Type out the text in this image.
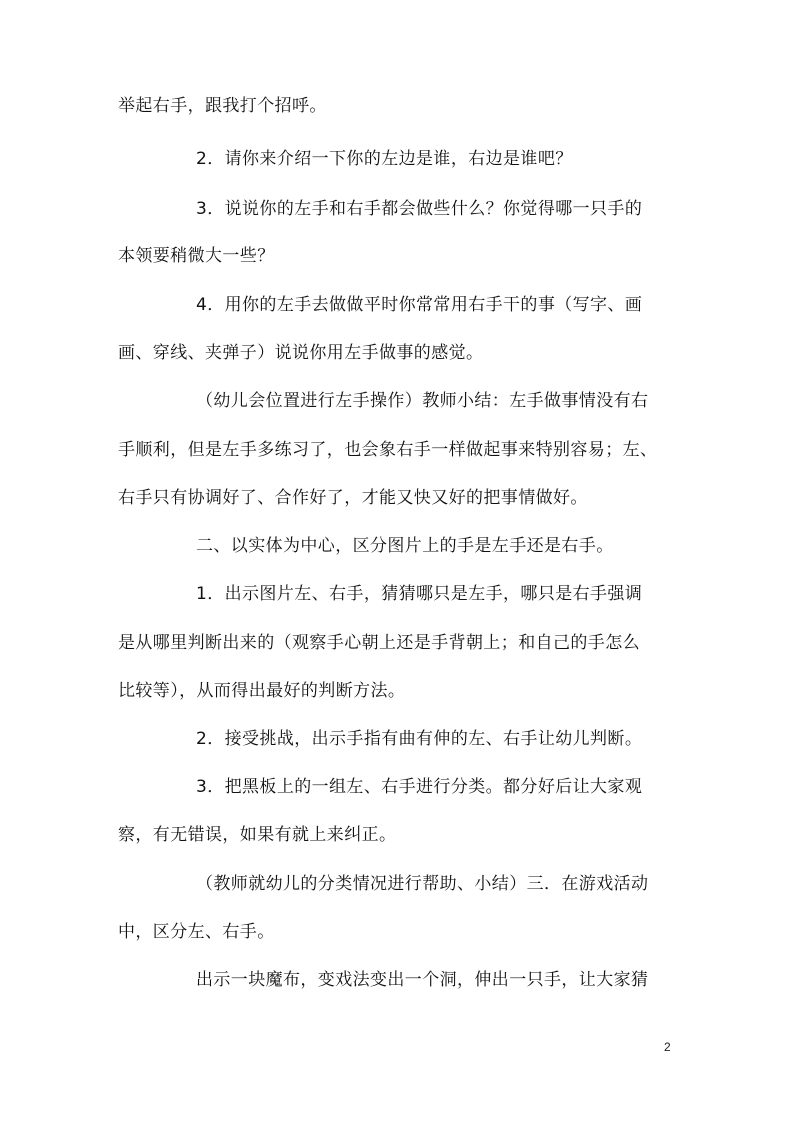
举起右手，跟我打个招呼。
2．请你来介绍一下你的左边是谁，右边是谁吧？
3．说说你的左手和右手都会做些什么？你觉得哪一只手的
本领要稍微大一些？
4．用你的左手去做做平时你常常用右手干的事（写字、画
画、穿线、夹弹子）说说你用左手做事的感觉。
（幼儿会位置进行左手操作）教师小结：左手做事情没有右
手顺利，但是左手多练习了，也会象右手一样做起事来特别容易；左、
右手只有协调好了、合作好了，才能又快又好的把事情做好。
二、以实体为中心，区分图片上的手是左手还是右手。
1．出示图片左、右手，猜猜哪只是左手，哪只是右手强调
是从哪里判断出来的（观察手心朝上还是手背朝上；和自己的手怎么
比较等），从而得出最好的判断方法。
2．接受挑战，出示手指有曲有伸的左、右手让幼儿判断。
3．把黑板上的一组左、右手进行分类。都分好后让大家观
察，有无错误，如果有就上来纠正。
（教师就幼儿的分类情况进行帮助、小结）三．在游戏活动
中，区分左、右手。
出示一块魔布，变戏法变出一个洞，伸出一只手，让大家猜
2
